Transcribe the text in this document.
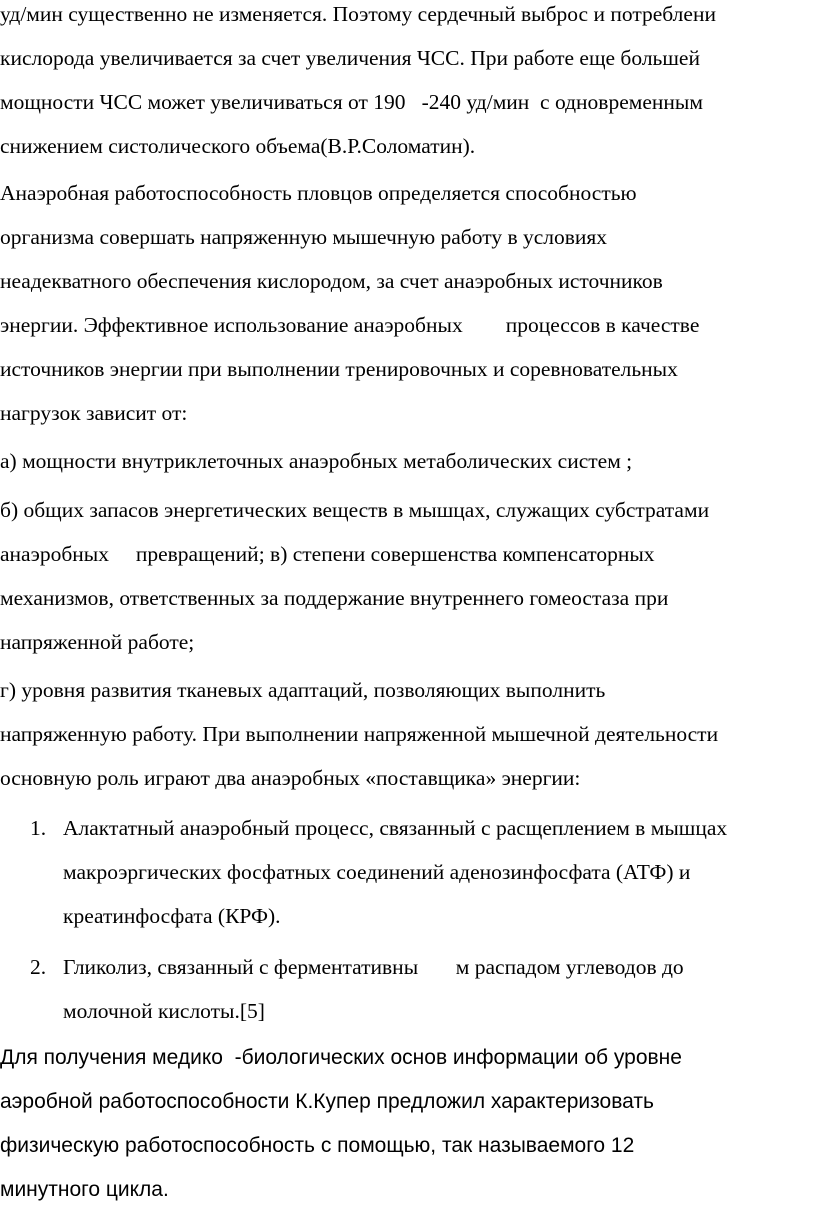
уд/мин существенно не изменяется. Поэтому сердечный выброс и потреблени

кислорода увеличивается за счет увеличения ЧСС. При работе еще большей

мощности ЧСС может увеличиваться от 190   -240 уд/мин  с одновременным

снижением систолического объема(В.Р.Соломатин).

Анаэробная работоспособность пловцов определяется способностью

организма совершать напряженную мышечную работу в условиях

неадекватного обеспечения кислородом, за счет анаэробных источников

энергии. Эффективное использование анаэробных        процессов в качестве

источников энергии при выполнении тренировочных и соревновательных

нагрузок зависит от:

а) мощности внутриклеточных анаэробных метаболических систем ;

б) общих запасов энергетических веществ в мышцах, служащих субстратами

анаэробных     превращений; в) степени совершенства компенсаторных

механизмов, ответственных за поддержание внутреннего гомеостаза при

напряженной работе;

г) уровня развития тканевых адаптаций, позволяющих выполнить

напряженную работу. При выполнении напряженной мышечной деятельности

основную роль играют два анаэробных «поставщика» энергии:

1. Алактатный анаэробный процесс, связанный с расщеплением в мышцах

макроэргических фосфатных соединений аденозинфосфата (АТФ) и

креатинфосфата (КРФ).

2. Гликолиз, связанный с ферментативны       м распадом углеводов до

молочной кислоты.[5]

Для получения медико  -биологических основ информации об уровне

аэробной работоспособности К.Купер предложил характеризовать

физическую работоспособность с помощью, так называемого 12

минутного цикла.
